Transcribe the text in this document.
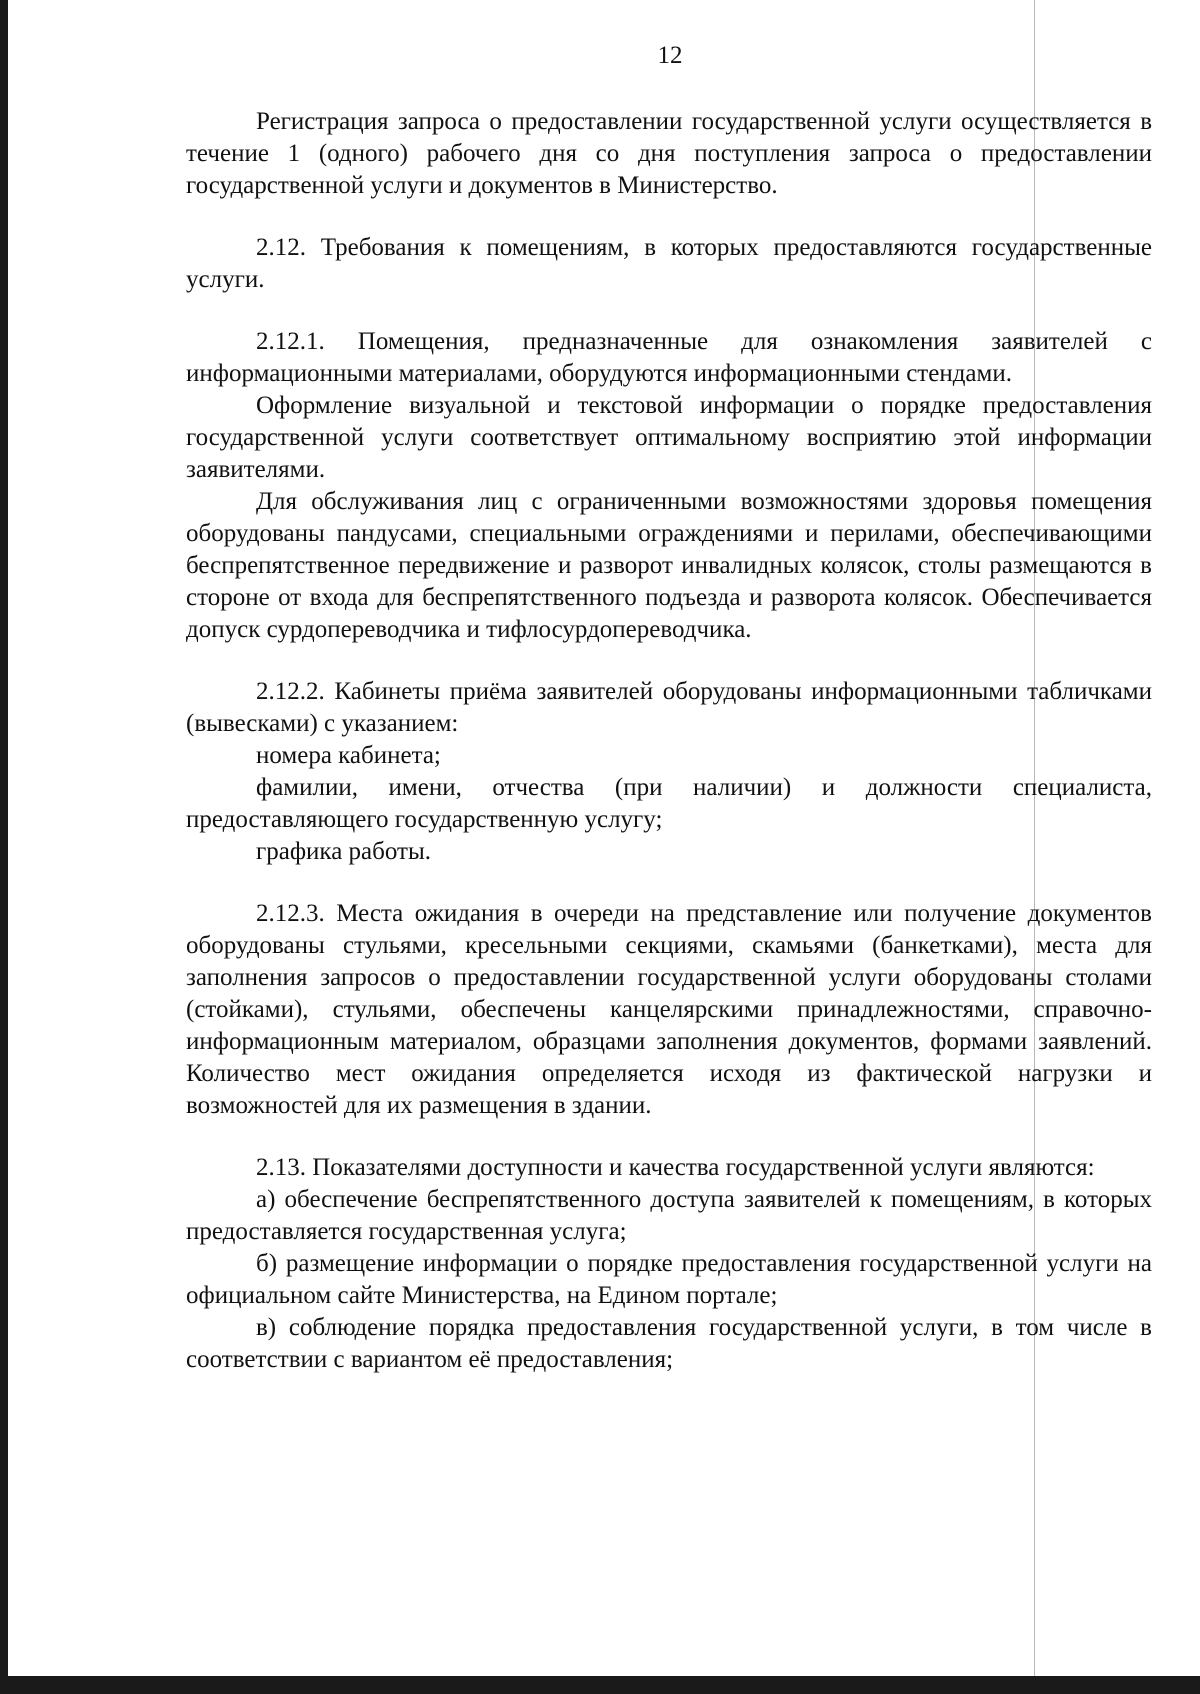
12

Регистрация запроса о предоставлении государственной услуги осуществляется в течение 1 (одного) рабочего дня со дня поступления запроса о предоставлении государственной услуги и документов в Министерство.

2.12. Требования к помещениям, в которых предоставляются государственные услуги.

2.12.1. Помещения, предназначенные для ознакомления заявителей с информационными материалами, оборудуются информационными стендами.

Оформление визуальной и текстовой информации о порядке предоставления государственной услуги соответствует оптимальному восприятию этой информации заявителями.

Для обслуживания лиц с ограниченными возможностями здоровья помещения оборудованы пандусами, специальными ограждениями и перилами, обеспечивающими беспрепятственное передвижение и разворот инвалидных колясок, столы размещаются в стороне от входа для беспрепятственного подъезда и разворота колясок. Обеспечивается допуск сурдопереводчика и тифлосурдопереводчика.

2.12.2. Кабинеты приёма заявителей оборудованы информационными табличками (вывесками) с указанием:

номера кабинета;

фамилии, имени, отчества (при наличии) и должности специалиста, предоставляющего государственную услугу;

графика работы.

2.12.3. Места ожидания в очереди на представление или получение документов оборудованы стульями, кресельными секциями, скамьями (банкетками), места для заполнения запросов о предоставлении государственной услуги оборудованы столами (стойками), стульями, обеспечены канцелярскими принадлежностями, справочно-информационным материалом, образцами заполнения документов, формами заявлений. Количество мест ожидания определяется исходя из фактической нагрузки и возможностей для их размещения в здании.

2.13. Показателями доступности и качества государственной услуги являются:

а) обеспечение беспрепятственного доступа заявителей к помещениям, в которых предоставляется государственная услуга;

б) размещение информации о порядке предоставления государственной услуги на официальном сайте Министерства, на Едином портале;

в) соблюдение порядка предоставления государственной услуги, в том числе в соответствии с вариантом её предоставления;
